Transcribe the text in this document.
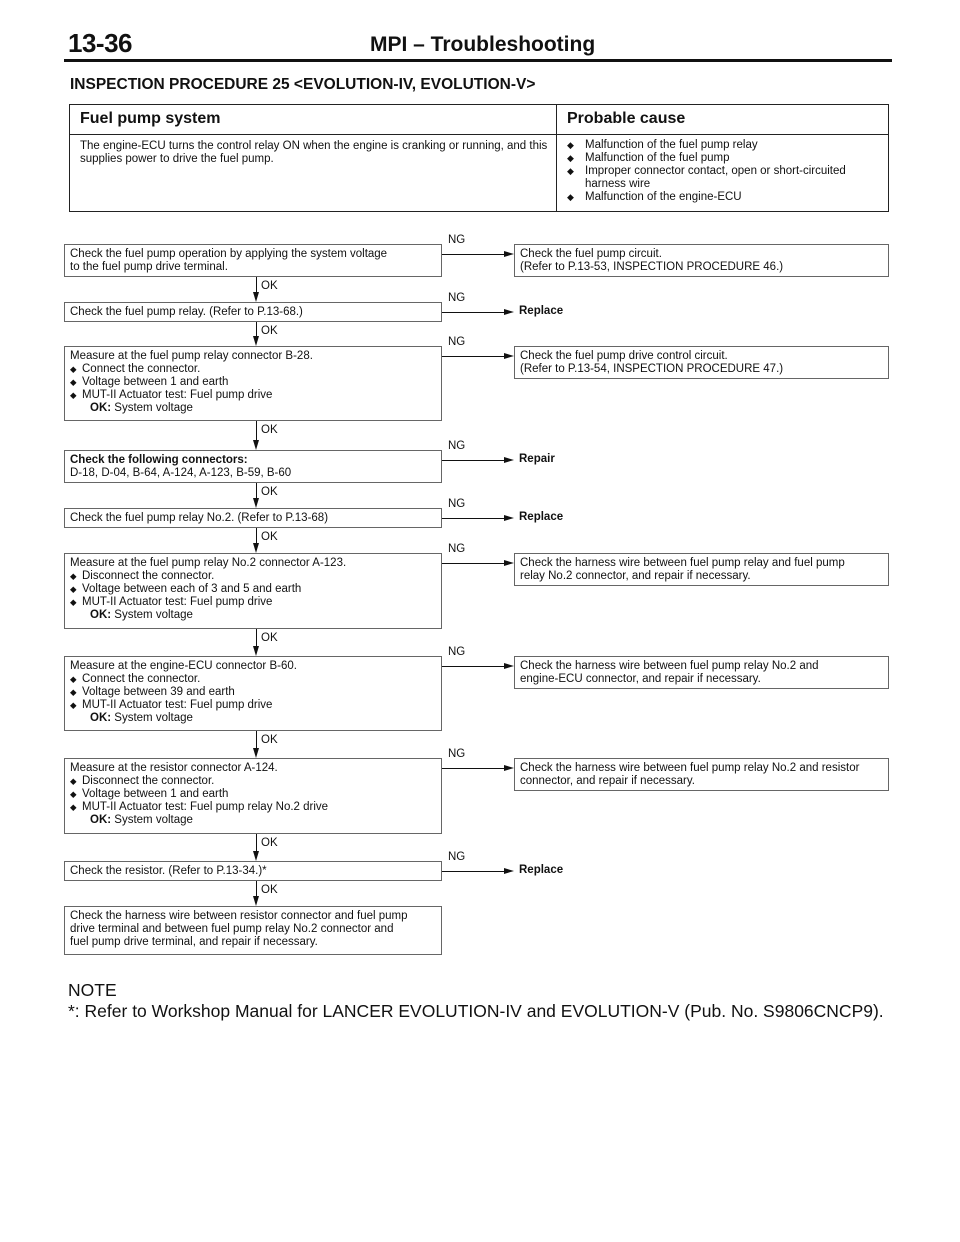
13-36	MPI – Troubleshooting
INSPECTION PROCEDURE 25 <EVOLUTION-IV, EVOLUTION-V>
Fuel pump system	Probable cause
The engine-ECU turns the control relay ON when the engine is cranking or running, and this supplies power to drive the fuel pump.
◆ Malfunction of the fuel pump relay
◆ Malfunction of the fuel pump
◆ Improper connector contact, open or short-circuited harness wire
◆ Malfunction of the engine-ECU
Check the fuel pump operation by applying the system voltage
to the fuel pump drive terminal.
NG
Check the fuel pump circuit.
(Refer to P.13-53, INSPECTION PROCEDURE 46.)
OK
Check the fuel pump relay. (Refer to P.13-68.)
NG
Replace
OK
Measure at the fuel pump relay connector B-28.
◆ Connect the connector.
◆ Voltage between 1 and earth
◆ MUT-II Actuator test: Fuel pump drive
OK: System voltage
NG
Check the fuel pump drive control circuit.
(Refer to P.13-54, INSPECTION PROCEDURE 47.)
OK
Check the following connectors:
D-18, D-04, B-64, A-124, A-123, B-59, B-60
NG
Repair
OK
Check the fuel pump relay No.2. (Refer to P.13-68)
NG
Replace
OK
Measure at the fuel pump relay No.2 connector A-123.
◆ Disconnect the connector.
◆ Voltage between each of 3 and 5 and earth
◆ MUT-II Actuator test: Fuel pump drive
OK: System voltage
NG
Check the harness wire between fuel pump relay and fuel pump
relay No.2 connector, and repair if necessary.
OK
Measure at the engine-ECU connector B-60.
◆ Connect the connector.
◆ Voltage between 39 and earth
◆ MUT-II Actuator test: Fuel pump drive
OK: System voltage
NG
Check the harness wire between fuel pump relay No.2 and
engine-ECU connector, and repair if necessary.
OK
Measure at the resistor connector A-124.
◆ Disconnect the connector.
◆ Voltage between 1 and earth
◆ MUT-II Actuator test: Fuel pump relay No.2 drive
OK: System voltage
NG
Check the harness wire between fuel pump relay No.2 and resistor
connector, and repair if necessary.
OK
Check the resistor. (Refer to P.13-34.)*
NG
Replace
OK
Check the harness wire between resistor connector and fuel pump
drive terminal and between fuel pump relay No.2 connector and
fuel pump drive terminal, and repair if necessary.
NOTE
*: Refer to Workshop Manual for LANCER EVOLUTION-IV and EVOLUTION-V (Pub. No. S9806CNCP9).
